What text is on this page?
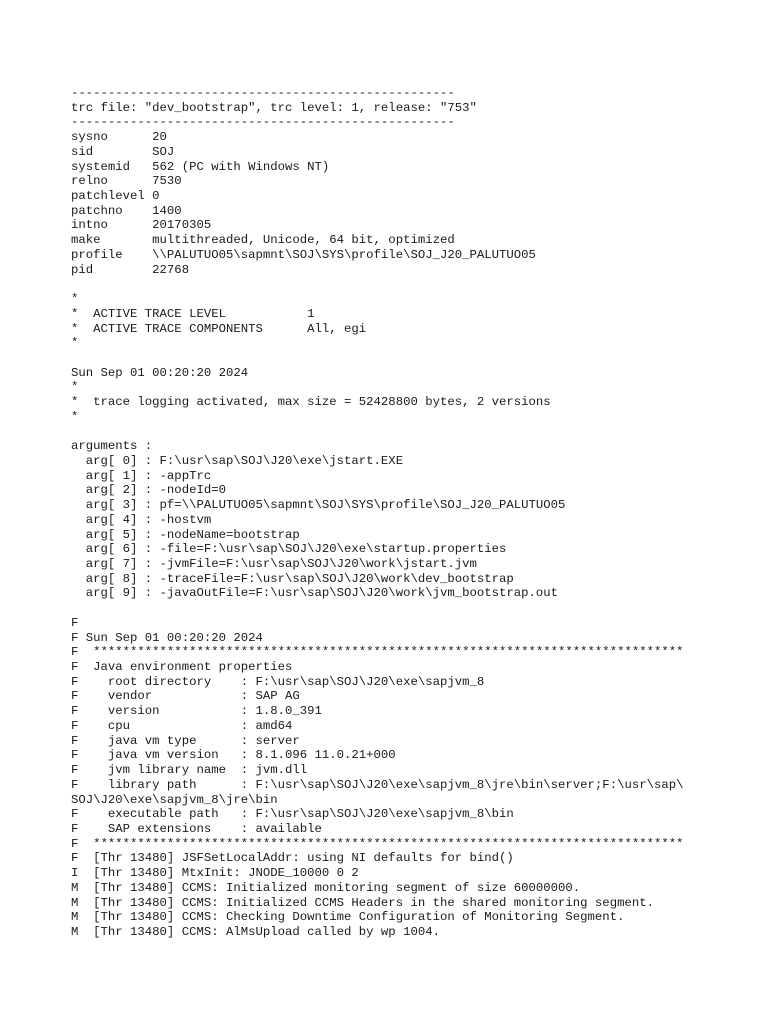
----------------------------------------------------
trc file: "dev_bootstrap", trc level: 1, release: "753"
----------------------------------------------------
sysno      20
sid        SOJ
systemid   562 (PC with Windows NT)
relno      7530
patchlevel 0
patchno    1400
intno      20170305
make       multithreaded, Unicode, 64 bit, optimized
profile    \\PALUTUO05\sapmnt\SOJ\SYS\profile\SOJ_J20_PALUTUO05
pid        22768
*
*  ACTIVE TRACE LEVEL           1
*  ACTIVE TRACE COMPONENTS      All, egi
*
Sun Sep 01 00:20:20 2024
*
*  trace logging activated, max size = 52428800 bytes, 2 versions
*
arguments :
arg[ 0] : F:\usr\sap\SOJ\J20\exe\jstart.EXE
arg[ 1] : -appTrc
arg[ 2] : -nodeId=0
arg[ 3] : pf=\\PALUTUO05\sapmnt\SOJ\SYS\profile\SOJ_J20_PALUTUO05
arg[ 4] : -hostvm
arg[ 5] : -nodeName=bootstrap
arg[ 6] : -file=F:\usr\sap\SOJ\J20\exe\startup.properties
arg[ 7] : -jvmFile=F:\usr\sap\SOJ\J20\work\jstart.jvm
arg[ 8] : -traceFile=F:\usr\sap\SOJ\J20\work\dev_bootstrap
arg[ 9] : -javaOutFile=F:\usr\sap\SOJ\J20\work\jvm_bootstrap.out
F
F Sun Sep 01 00:20:20 2024
F  ********************************************************************************
F  Java environment properties
F    root directory    : F:\usr\sap\SOJ\J20\exe\sapjvm_8
F    vendor            : SAP AG
F    version           : 1.8.0_391
F    cpu               : amd64
F    java vm type      : server
F    java vm version   : 8.1.096 11.0.21+000
F    jvm library name  : jvm.dll
F    library path      : F:\usr\sap\SOJ\J20\exe\sapjvm_8\jre\bin\server;F:\usr\sap\
SOJ\J20\exe\sapjvm_8\jre\bin
F    executable path   : F:\usr\sap\SOJ\J20\exe\sapjvm_8\bin
F    SAP extensions    : available
F  ********************************************************************************
F  [Thr 13480] JSFSetLocalAddr: using NI defaults for bind()
I  [Thr 13480] MtxInit: JNODE_10000 0 2
M  [Thr 13480] CCMS: Initialized monitoring segment of size 60000000.
M  [Thr 13480] CCMS: Initialized CCMS Headers in the shared monitoring segment.
M  [Thr 13480] CCMS: Checking Downtime Configuration of Monitoring Segment.
M  [Thr 13480] CCMS: AlMsUpload called by wp 1004.
